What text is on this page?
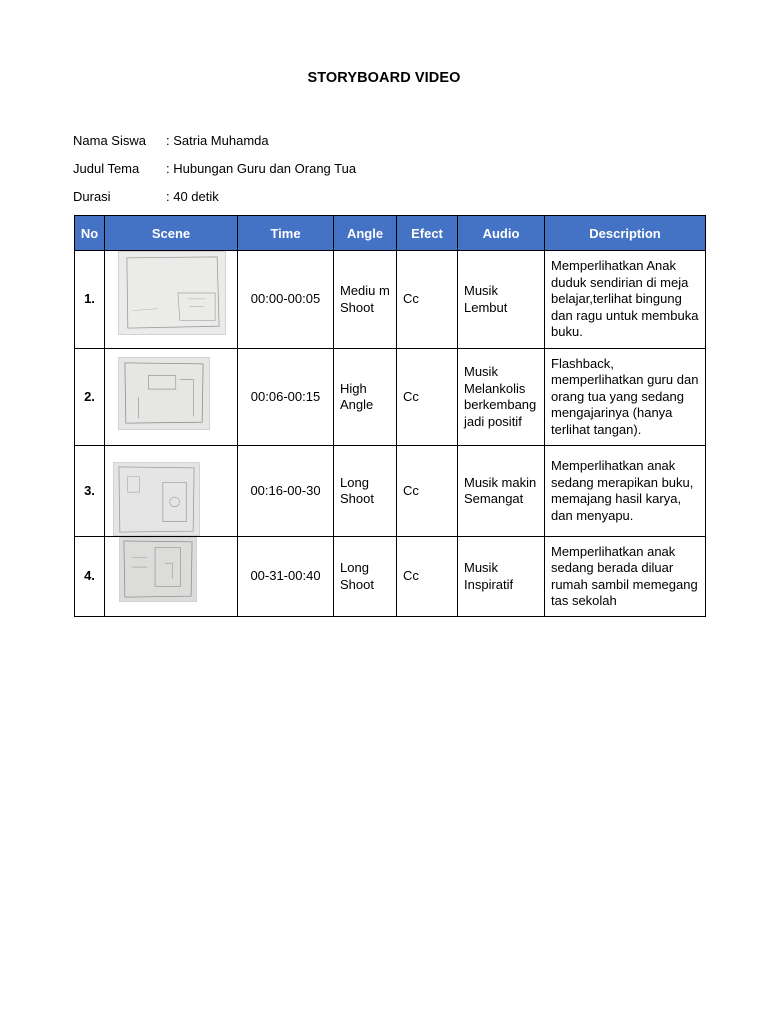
STORYBOARD VIDEO
Nama Siswa : Satria Muhamda
Judul Tema : Hubungan Guru dan Orang Tua
Durasi	: 40 detik
No	Scene	Time	Angle	Efect	Audio	Description
1.		00:00-00:05	Mediu m Shoot	Cc	Musik Lembut	Memperlihatkan Anak duduk sendirian di meja belajar,terlihat bingung dan ragu untuk membuka buku.
2.		00:06-00:15	High Angle	Cc	Musik Melankolis berkembang jadi positif	Flashback, memperlihatkan guru dan orang tua yang sedang mengajarinya (hanya terlihat tangan).
3.		00:16-00-30	Long Shoot	Cc	Musik makin Semangat	Memperlihatkan anak sedang merapikan buku, memajang hasil karya, dan menyapu.
4.		00-31-00:40	Long Shoot	Cc	Musik Inspiratif	Memperlihatkan anak sedang berada diluar rumah sambil memegang tas sekolah
